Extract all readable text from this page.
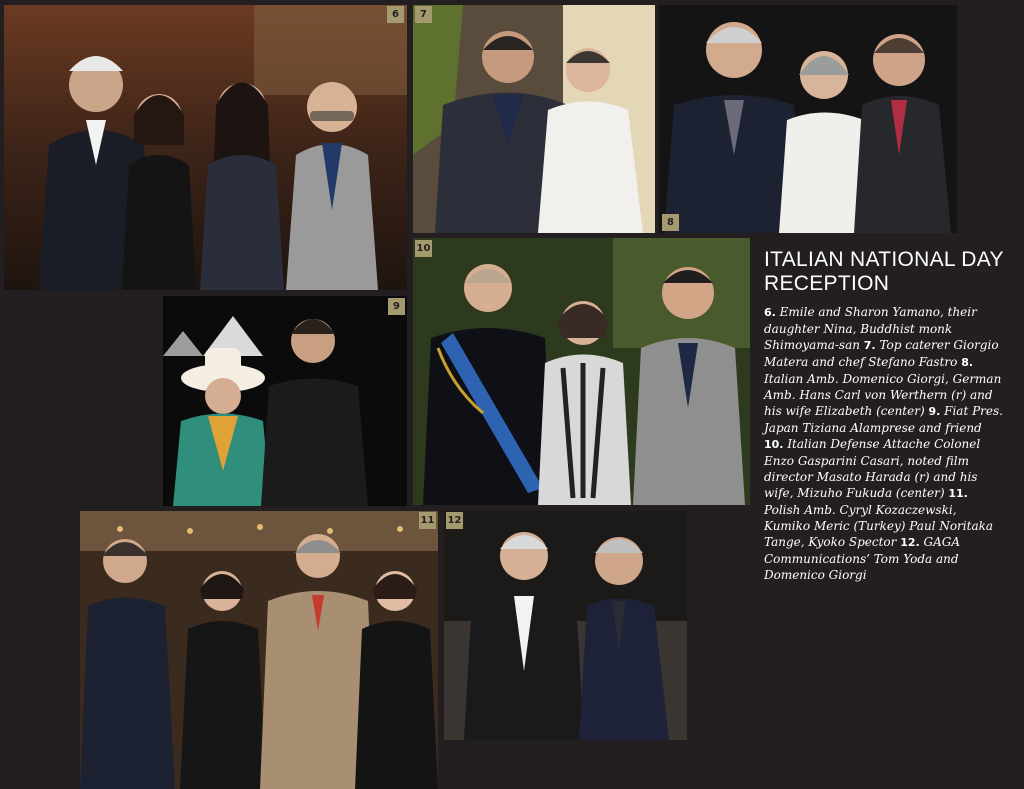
6	7
8
9
10
11 12
ITALIAN NATIONAL DAY
RECEPTION
6. Emile and Sharon Yamano, their daughter Nina, Buddhist monk Shimoyama-san 7. Top caterer Giorgio Matera and chef Stefano Fastro 8. Italian Amb. Domenico Giorgi, German Amb. Hans Carl von Werthern (r) and his wife Elizabeth (center) 9. Fiat Pres. Japan Tiziana Alamprese and friend 10. Italian Defense Attache Colonel Enzo Gasparini Casari, noted film director Masato Harada (r) and his wife, Mizuho Fukuda (center) 11. Polish Amb. Cyryl Kozaczewski, Kumiko Meric (Turkey) Paul Noritaka Tange, Kyoko Spector 12. GAGA Communications’ Tom Yoda and Domenico Giorgi
